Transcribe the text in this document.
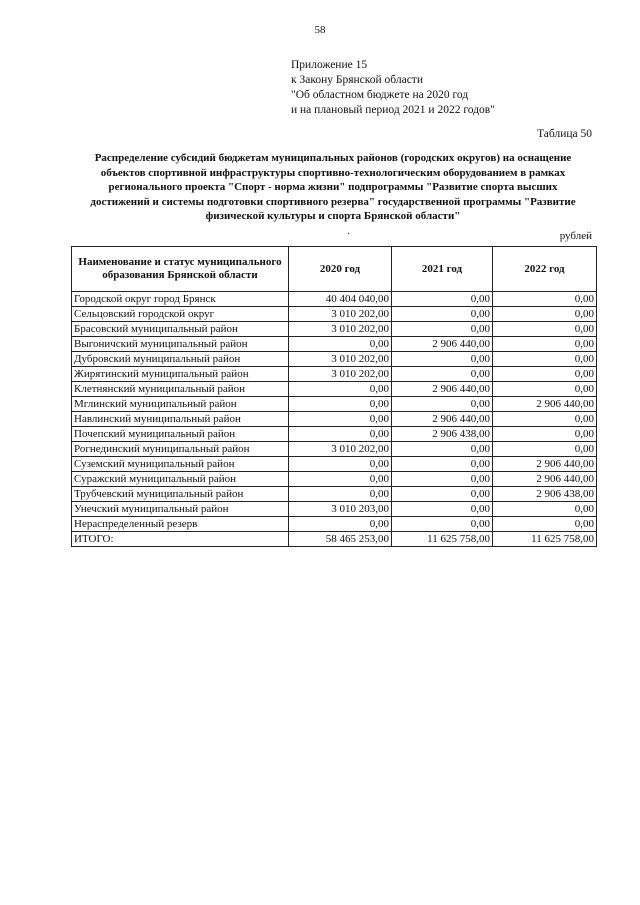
58
Приложение 15
к Закону Брянской области
"Об областном бюджете на 2020 год
и на плановый период 2021 и 2022 годов"
Таблица 50
Распределение субсидий бюджетам муниципальных районов (городских округов) на оснащение
объектов спортивной инфраструктуры спортивно-технологическим оборудованием в рамках
регионального проекта "Спорт - норма жизни" подпрограммы "Развитие спорта высших
достижений и системы подготовки спортивного резерва" государственной программы "Развитие
физической культуры и спорта Брянской области"
·	рублей
Наименование и статус муниципального образования Брянской области	2020 год	2021 год	2022 год
Городской округ город Брянск	40 404 040,00	0,00	0,00
Сельцовский городской округ	3 010 202,00	0,00	0,00
Брасовский муниципальный район	3 010 202,00	0,00	0,00
Выгоничский муниципальный район	0,00	2 906 440,00	0,00
Дубровский муниципальный район	3 010 202,00	0,00	0,00
Жирятинский муниципальный район	3 010 202,00	0,00	0,00
Клетнянский муниципальный район	0,00	2 906 440,00	0,00
Мглинский муниципальный район	0,00	0,00	2 906 440,00
Навлинский муниципальный район	0,00	2 906 440,00	0,00
Почепский муниципальный район	0,00	2 906 438,00	0,00
Рогнединский муниципальный район	3 010 202,00	0,00	0,00
Суземский муниципальный район	0,00	0,00	2 906 440,00
Суражский муниципальный район	0,00	0,00	2 906 440,00
Трубчевский муниципальный район	0,00	0,00	2 906 438,00
Унечский муниципальный район	3 010 203,00	0,00	0,00
Нераспределенный резерв	0,00	0,00	0,00
ИТОГО:	58 465 253,00	11 625 758,00	11 625 758,00
